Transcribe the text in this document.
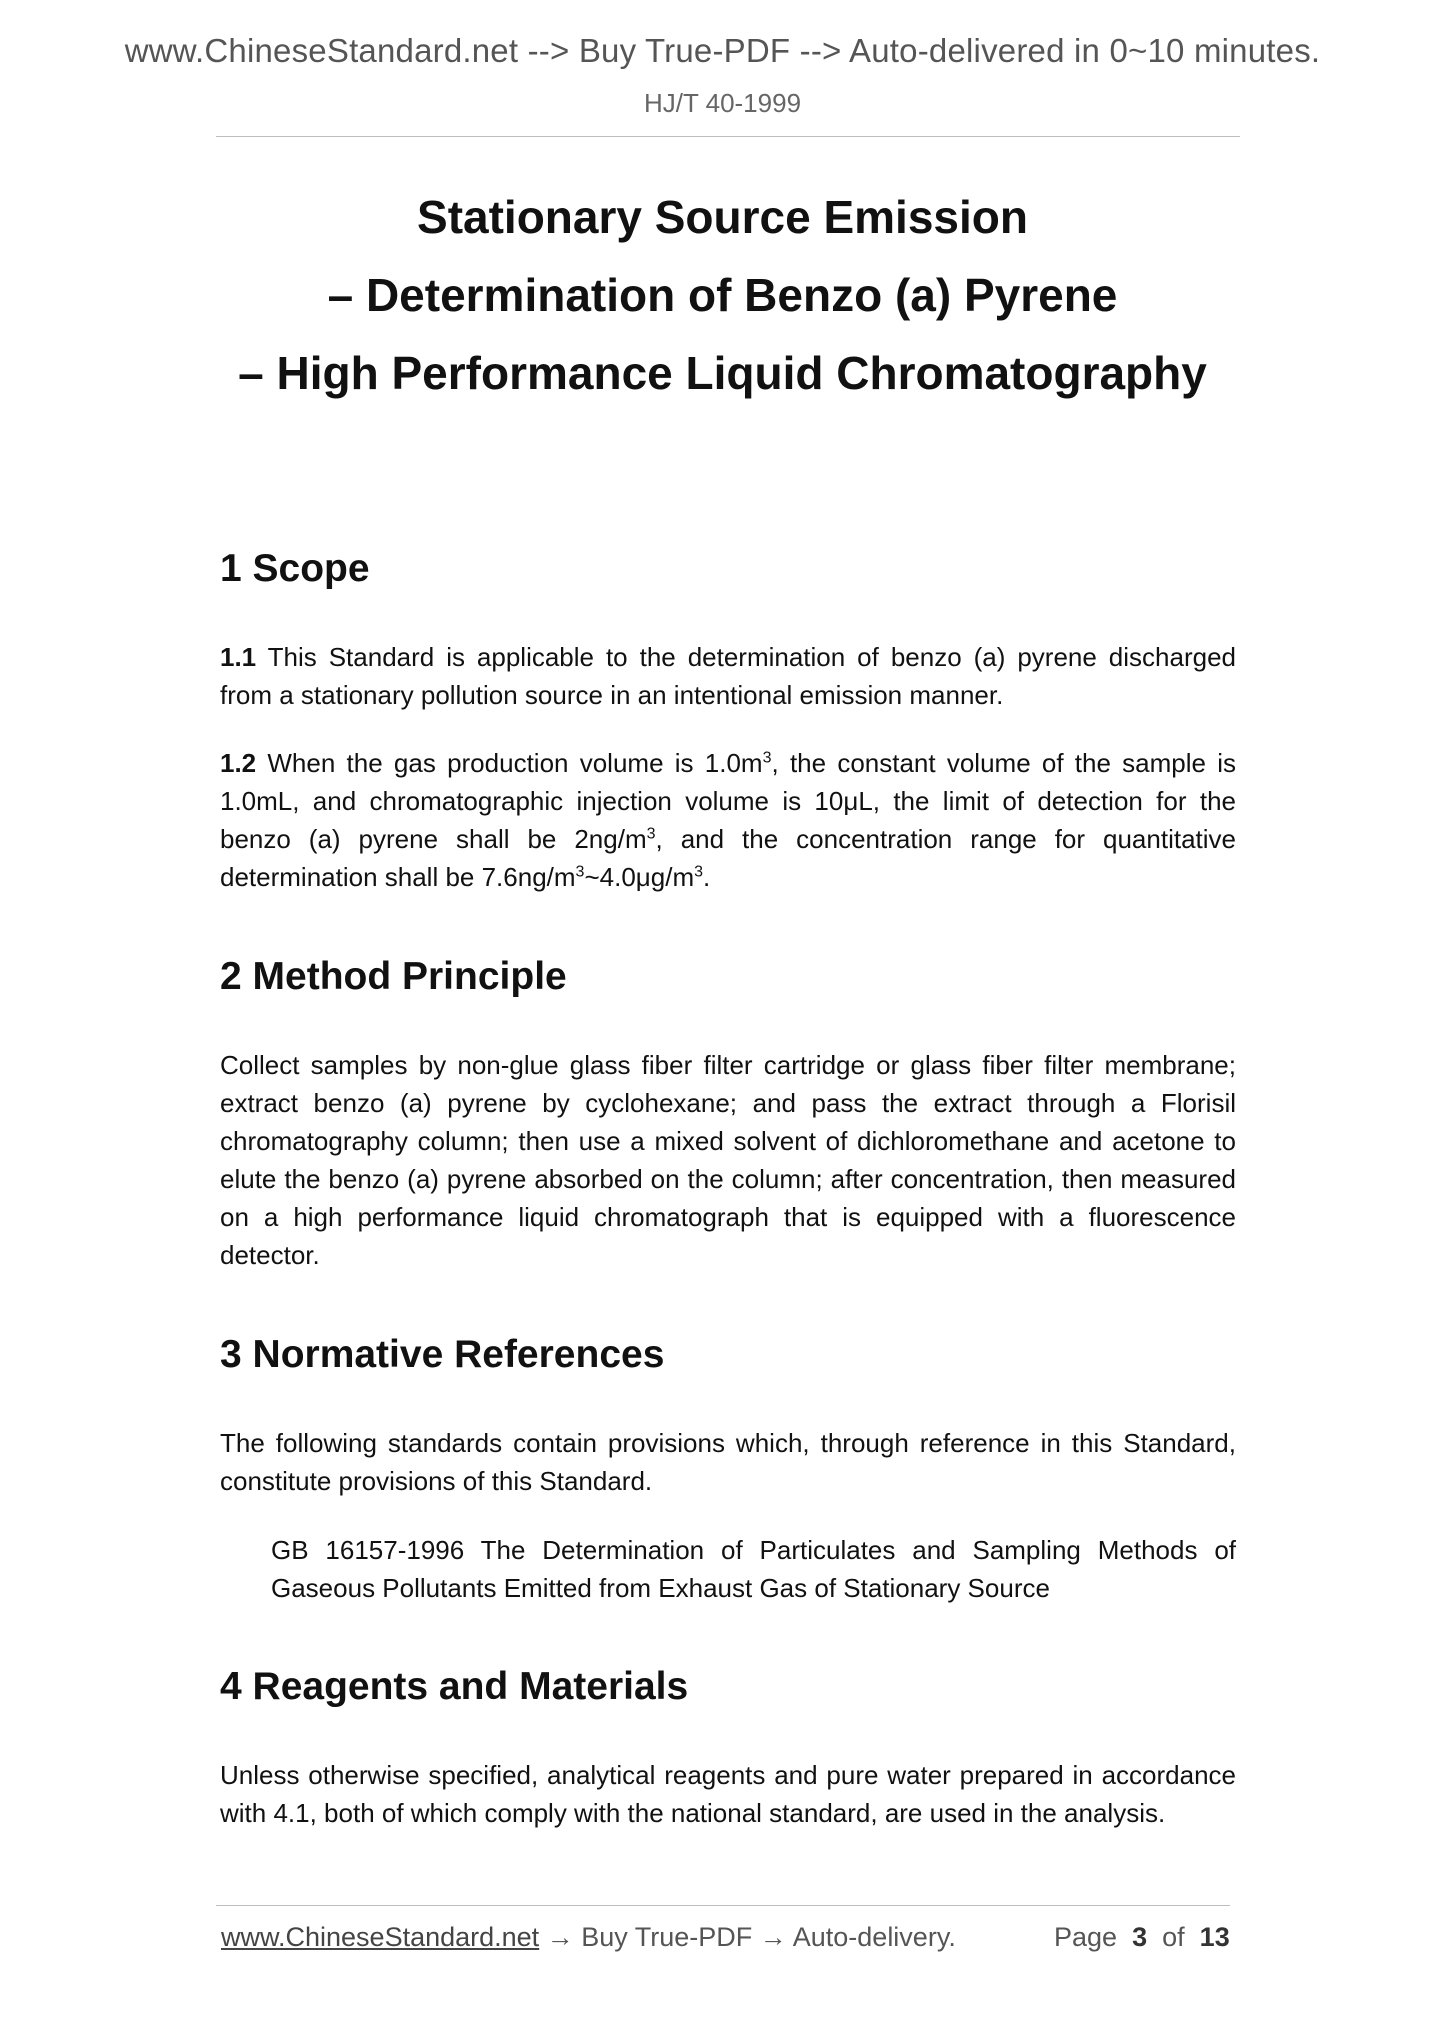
www.ChineseStandard.net --> Buy True-PDF --> Auto-delivered in 0~10 minutes.
HJ/T 40-1999
Stationary Source Emission
– Determination of Benzo (a) Pyrene
– High Performance Liquid Chromatography
1 Scope
1.1 This Standard is applicable to the determination of benzo (a) pyrene discharged from a stationary pollution source in an intentional emission manner.
1.2 When the gas production volume is $1.0m^3$, the constant volume of the sample is 1.0mL, and chromatographic injection volume is 10μL, the limit of detection for the benzo (a) pyrene shall be $2ng/m^3$, and the concentration range for quantitative determination shall be $7.6ng/m^3\sim 4.0\mu g/m^3$.
2 Method Principle
Collect samples by non-glue glass fiber filter cartridge or glass fiber filter membrane; extract benzo (a) pyrene by cyclohexane; and pass the extract through a Florisil chromatography column; then use a mixed solvent of dichloromethane and acetone to elute the benzo (a) pyrene absorbed on the column; after concentration, then measured on a high performance liquid chromatograph that is equipped with a fluorescence detector.
3 Normative References
The following standards contain provisions which, through reference in this Standard, constitute provisions of this Standard.
GB 16157-1996 The Determination of Particulates and Sampling Methods of Gaseous Pollutants Emitted from Exhaust Gas of Stationary Source
4 Reagents and Materials
Unless otherwise specified, analytical reagents and pure water prepared in accordance with 4.1, both of which comply with the national standard, are used in the analysis.
www.ChineseStandard.net → Buy True-PDF → Auto-delivery.	Page 3 of 13
